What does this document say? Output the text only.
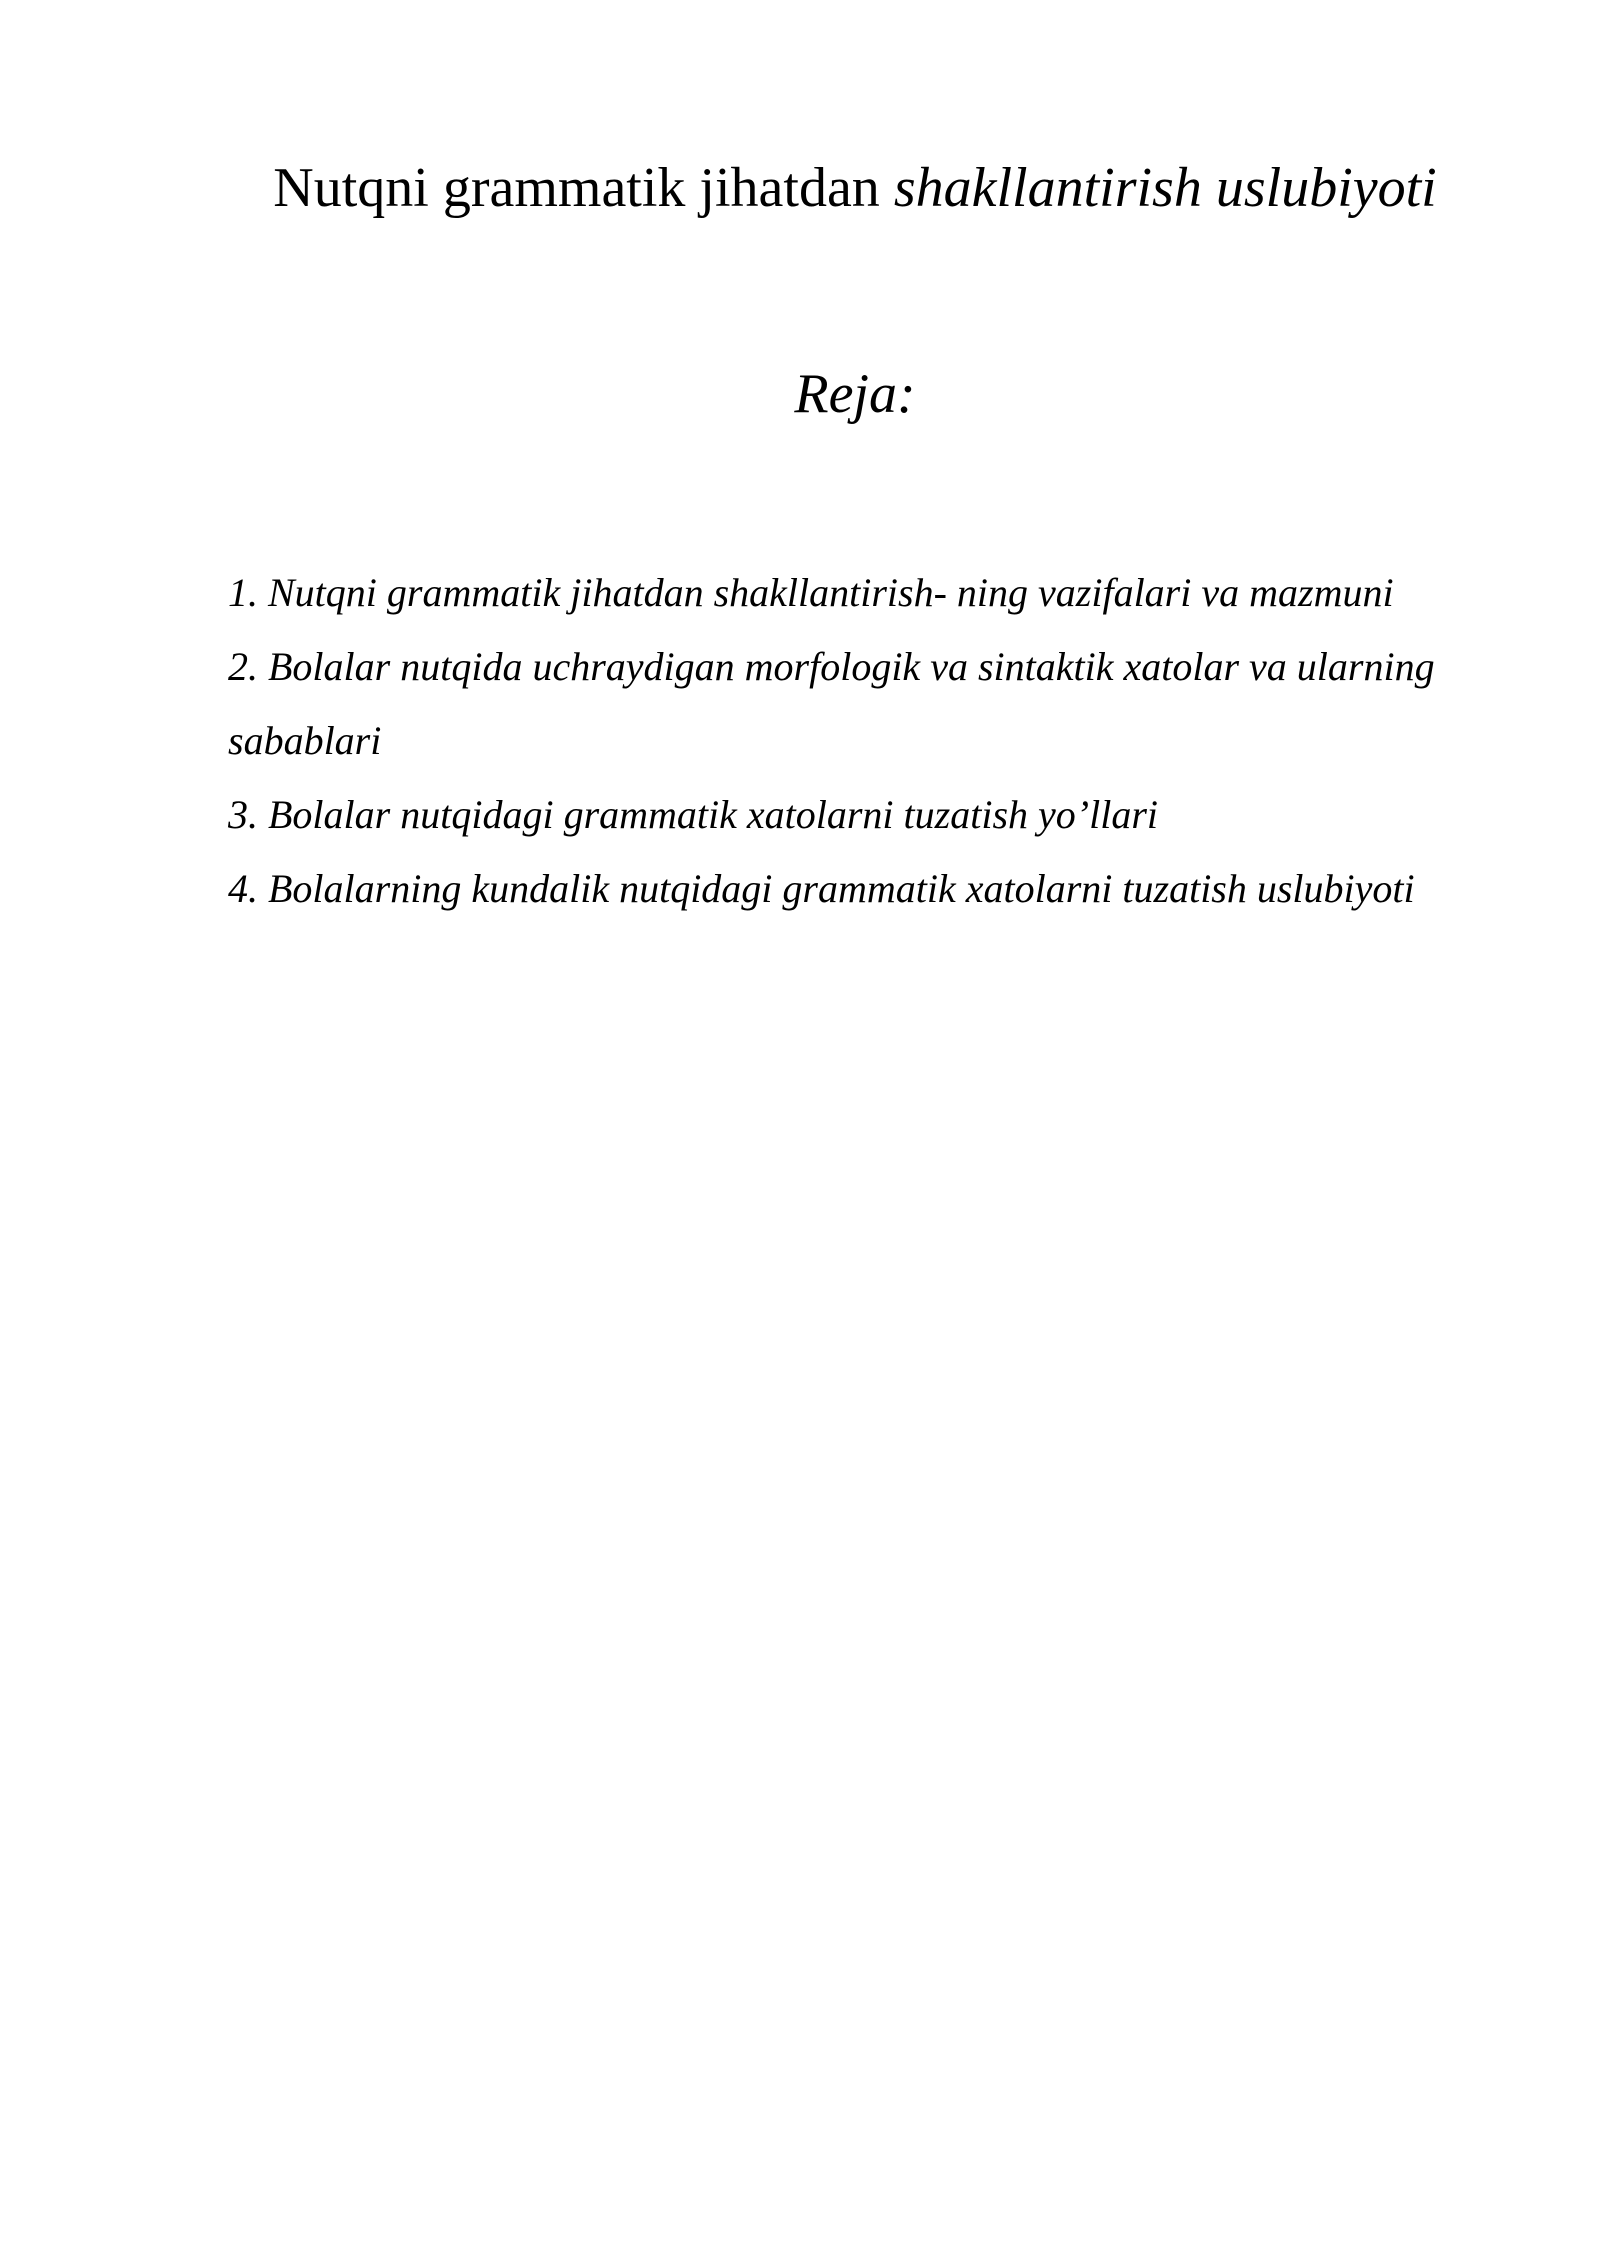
Nutqni grammatik jihatdan shakllantirish uslubiyoti
Reja:
1. Nutqni grammatik jihatdan shakllantirish- ning vazifalari va mazmuni
2. Bolalar nutqida uchraydigan morfologik va sintaktik xatolar va ularning sabablari
3. Bolalar nutqidagi grammatik xatolarni tuzatish yo’llari
4. Bolalarning kundalik nutqidagi grammatik xatolarni tuzatish uslubiyoti
